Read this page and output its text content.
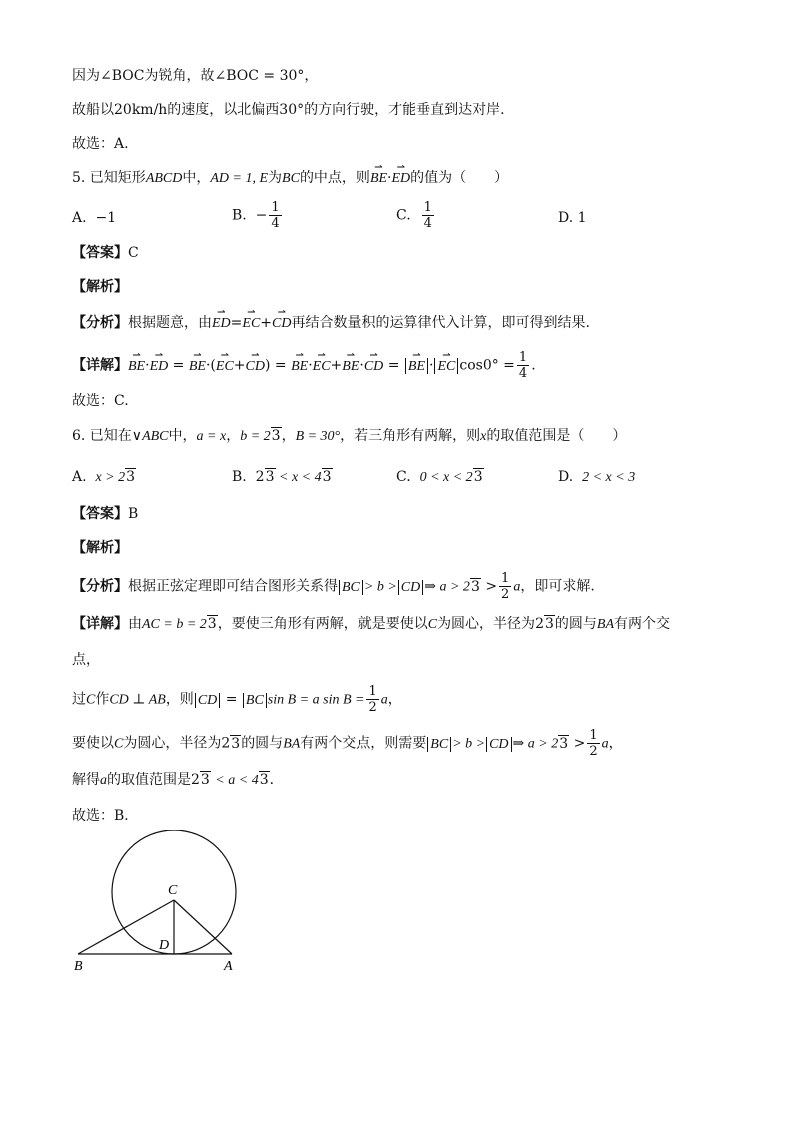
因为∠BOC为锐角，故∠BOC = 30°，
故船以20km/h的速度，以北偏西30°的方向行驶，才能垂直到达对岸.
故选：A.
5. 已知矩形ABCD中，AD = 1, E为BC的中点，则⇀ BE·⇀ ED的值为（　　）
A. −1	B. − $\frac{1}{4}$	C. $\frac{1}{4}$	D. 1
【答案】C
【解析】
【分析】根据题意，由⇀ ED=⇀ EC+⇀ CD再结合数量积的运算律代入计算，即可得到结果.
【详解】⇀ BE·⇀ ED = ⇀ BE·(⇀ EC+⇀ CD) = ⇀ BE·⇀ EC+⇀ BE·⇀ CD = ⇀ BE ·⇀ EC $\cos 0^\circ = \frac{1}{4}$ .
故选：C.
6. 已知在∨ABC中，a = x，b = 23，B = 30°，若三角形有两解，则x的取值范围是（　　）
A. x > 23	B. 23 < x < 43	C. 0 < x < 23	D. 2 < x < 3
【答案】B
【解析】
【分析】根据正弦定理即可结合图形关系得 BC > b > CD ⇒ $a > 23 > \frac{1}{2}$ a，即可求解.
【详解】由AC = b = 23，要使三角形有两解，就是要使以C为圆心，半径为23的圆与BA有两个交
点，
过C作CD ⊥ AB，则 CD = BC sin B = a $\sin B = \frac{1}{2}$ a，
要使以C为圆心，半径为23的圆与BA有两个交点，则需要 BC > b > CD ⇒ $a > 23 > \frac{1}{2}$ a，
解得a的取值范围是23 < a < 43．
故选：B．
C
D
B	A
